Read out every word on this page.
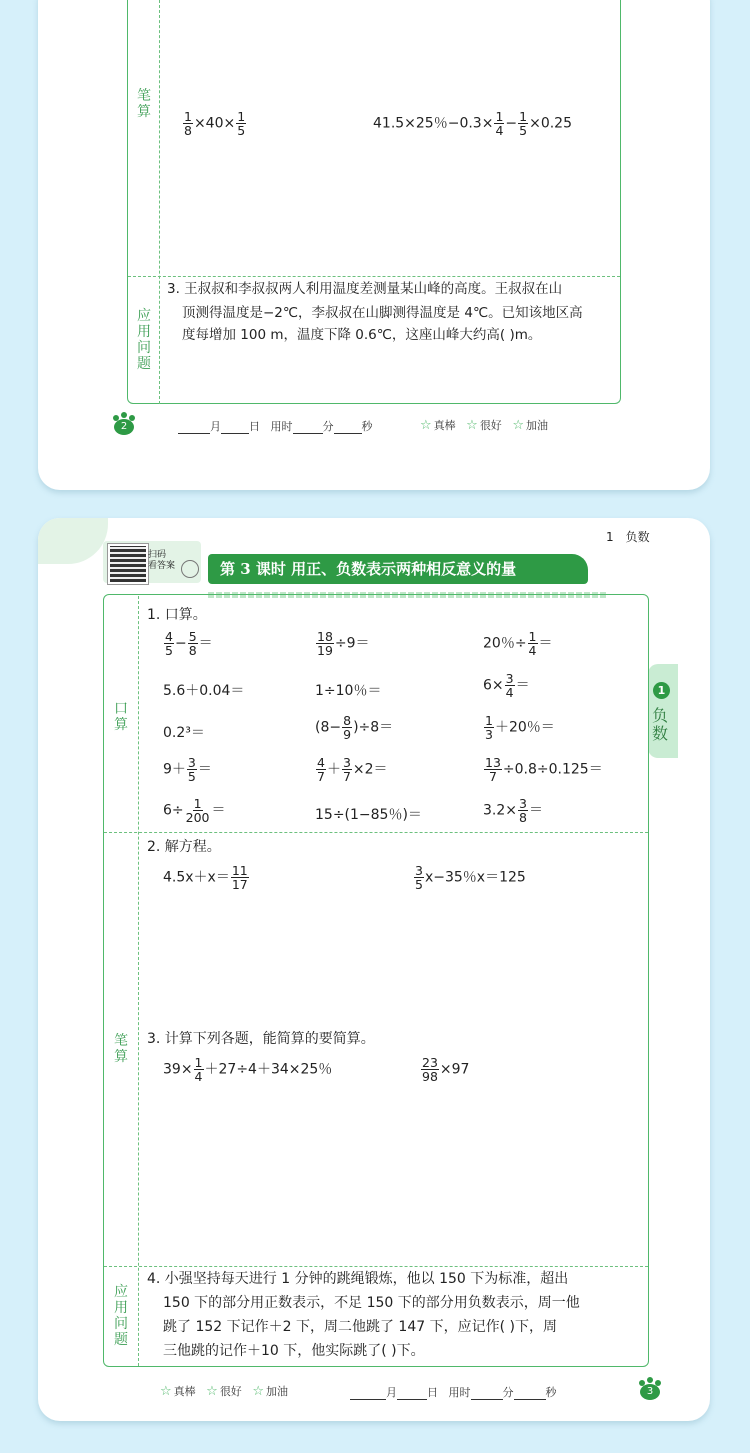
笔算
应用问题
$\frac{1}{8} \times 40\times \frac{1}{5}$	41.5×25％$-0.3\times \frac{1}{4} - \frac{1}{5} \times 0.25$
3. 王叔叔和李叔叔两人利用温度差测量某山峰的高度。王叔叔在山
顶测得温度是−2℃，李叔叔在山脚测得温度是 4℃。已知该地区高
度每增加 100 m，温度下降 0.6℃，这座山峰大约高( )m。
2	月	日 用时	分	秒	☆ 真棒 ☆ 很好 ☆ 加油
1　负数
扫码
看答案	第 3 课时 用正、负数表示两种相反意义的量
1
负数
口算
笔算
应用问题
1. 口算。
$\frac{4}{5} - \frac{5}{8}$ ＝	$\frac{18}{19} \div 9=$	20％÷ $\frac{1}{4}$ ＝
5.6＋0.04＝	1÷10％＝	$6\times \frac{3}{4}$ ＝
0.2³＝	$(8- \frac{8}{9} )\div 8=$	$\frac{1}{3} +20$％＝
$9+ \frac{3}{5}$ ＝	$\frac{4}{7} + \frac{3}{7} \times 2=$	$\frac{13}{7} \div 0.8\div 0.125=$
$6\div \frac{1}{200}$ ＝	15÷(1−85％)＝	$3.2\times \frac{3}{8}$ ＝
2. 解方程。
$4.5x+x= \frac{11}{17}$	$\frac{3}{5} x-35$％x＝125
3. 计算下列各题，能简算的要简算。
$39\times \frac{1}{4} +27\div 4+34\times 25$％	$\frac{23}{98} \times 97$
4. 小强坚持每天进行 1 分钟的跳绳锻炼，他以 150 下为标准，超出
150 下的部分用正数表示，不足 150 下的部分用负数表示，周一他
跳了 152 下记作＋2 下，周二他跳了 147 下，应记作( )下，周
三他跳的记作＋10 下，他实际跳了( )下。
☆ 真棒 ☆ 很好 ☆ 加油	月	日 用时	分	秒	3
